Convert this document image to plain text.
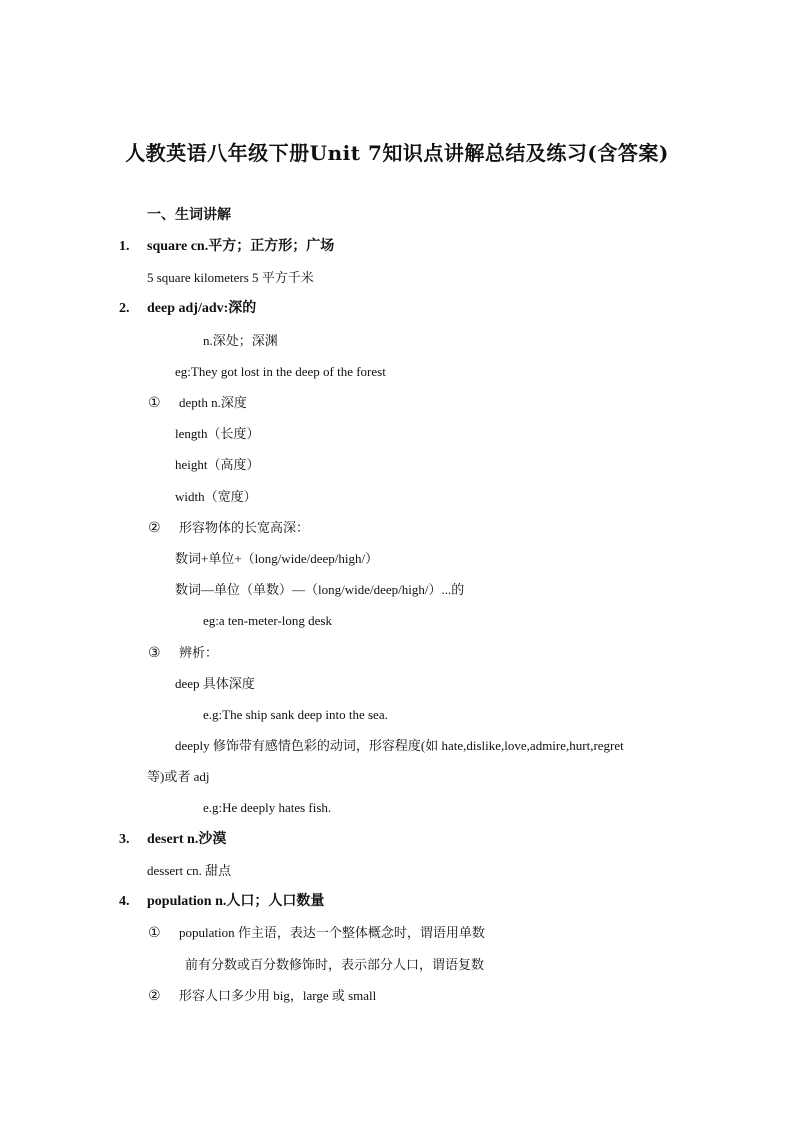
人教英语八年级下册Unit 7知识点讲解总结及练习(含答案)
一、生词讲解
1. square cn.平方；正方形；广场
5 square kilometers 5 平方千米
2. deep adj/adv:深的
n.深处；深渊
eg:They got lost in the deep of the forest
① depth n.深度
length（长度）
height（高度）
width（宽度）
② 形容物体的长宽高深：
数词+单位+（long/wide/deep/high/）
数词—单位（单数）—（long/wide/deep/high/）...的
eg:a ten-meter-long desk
③ 辨析：
deep 具体深度
e.g:The ship sank deep into the sea.
deeply 修饰带有感情色彩的动词，形容程度(如 hate,dislike,love,admire,hurt,regret
等)或者 adj
e.g:He deeply hates fish.
3. desert n.沙漠
dessert cn. 甜点
4. population n.人口；人口数量
① population 作主语，表达一个整体概念时，谓语用单数
前有分数或百分数修饰时，表示部分人口，谓语复数
② 形容人口多少用 big，large 或 small
